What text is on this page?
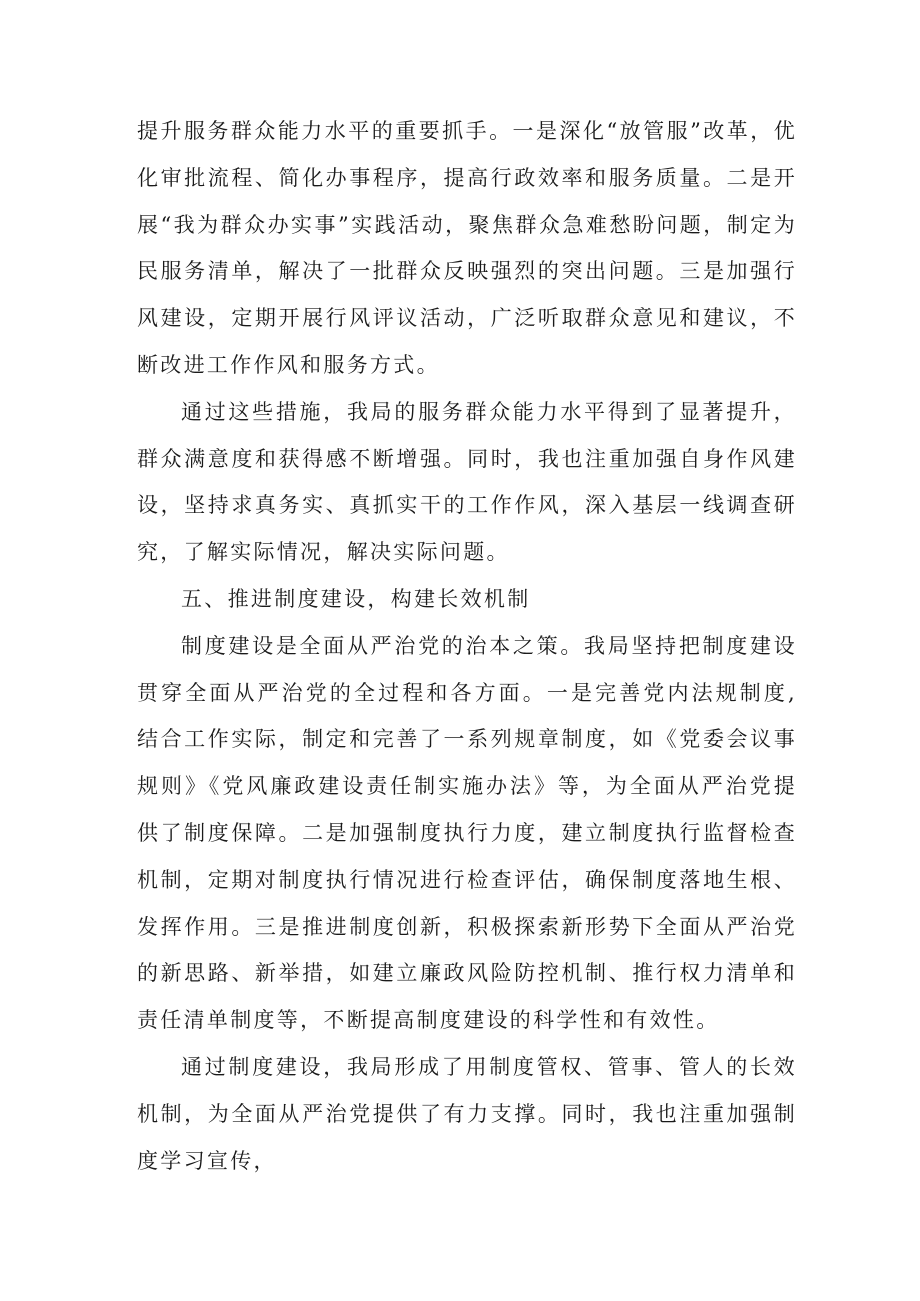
提升服务群众能力水平的重要抓手。一是深化“放管服”改革，优化审批流程、简化办事程序，提高行政效率和服务质量。二是开展“我为群众办实事”实践活动，聚焦群众急难愁盼问题，制定为民服务清单，解决了一批群众反映强烈的突出问题。三是加强行风建设，定期开展行风评议活动，广泛听取群众意见和建议，不断改进工作作风和服务方式。

通过这些措施，我局的服务群众能力水平得到了显著提升，群众满意度和获得感不断增强。同时，我也注重加强自身作风建设，坚持求真务实、真抓实干的工作作风，深入基层一线调查研究，了解实际情况，解决实际问题。

五、推进制度建设，构建长效机制

制度建设是全面从严治党的治本之策。我局坚持把制度建设贯穿全面从严治党的全过程和各方面。一是完善党内法规制度,结合工作实际，制定和完善了一系列规章制度，如《党委会议事规则》《党风廉政建设责任制实施办法》等，为全面从严治党提供了制度保障。二是加强制度执行力度，建立制度执行监督检查机制，定期对制度执行情况进行检查评估，确保制度落地生根、发挥作用。三是推进制度创新，积极探索新形势下全面从严治党的新思路、新举措，如建立廉政风险防控机制、推行权力清单和责任清单制度等，不断提高制度建设的科学性和有效性。

通过制度建设，我局形成了用制度管权、管事、管人的长效机制，为全面从严治党提供了有力支撑。同时，我也注重加强制度学习宣传，
